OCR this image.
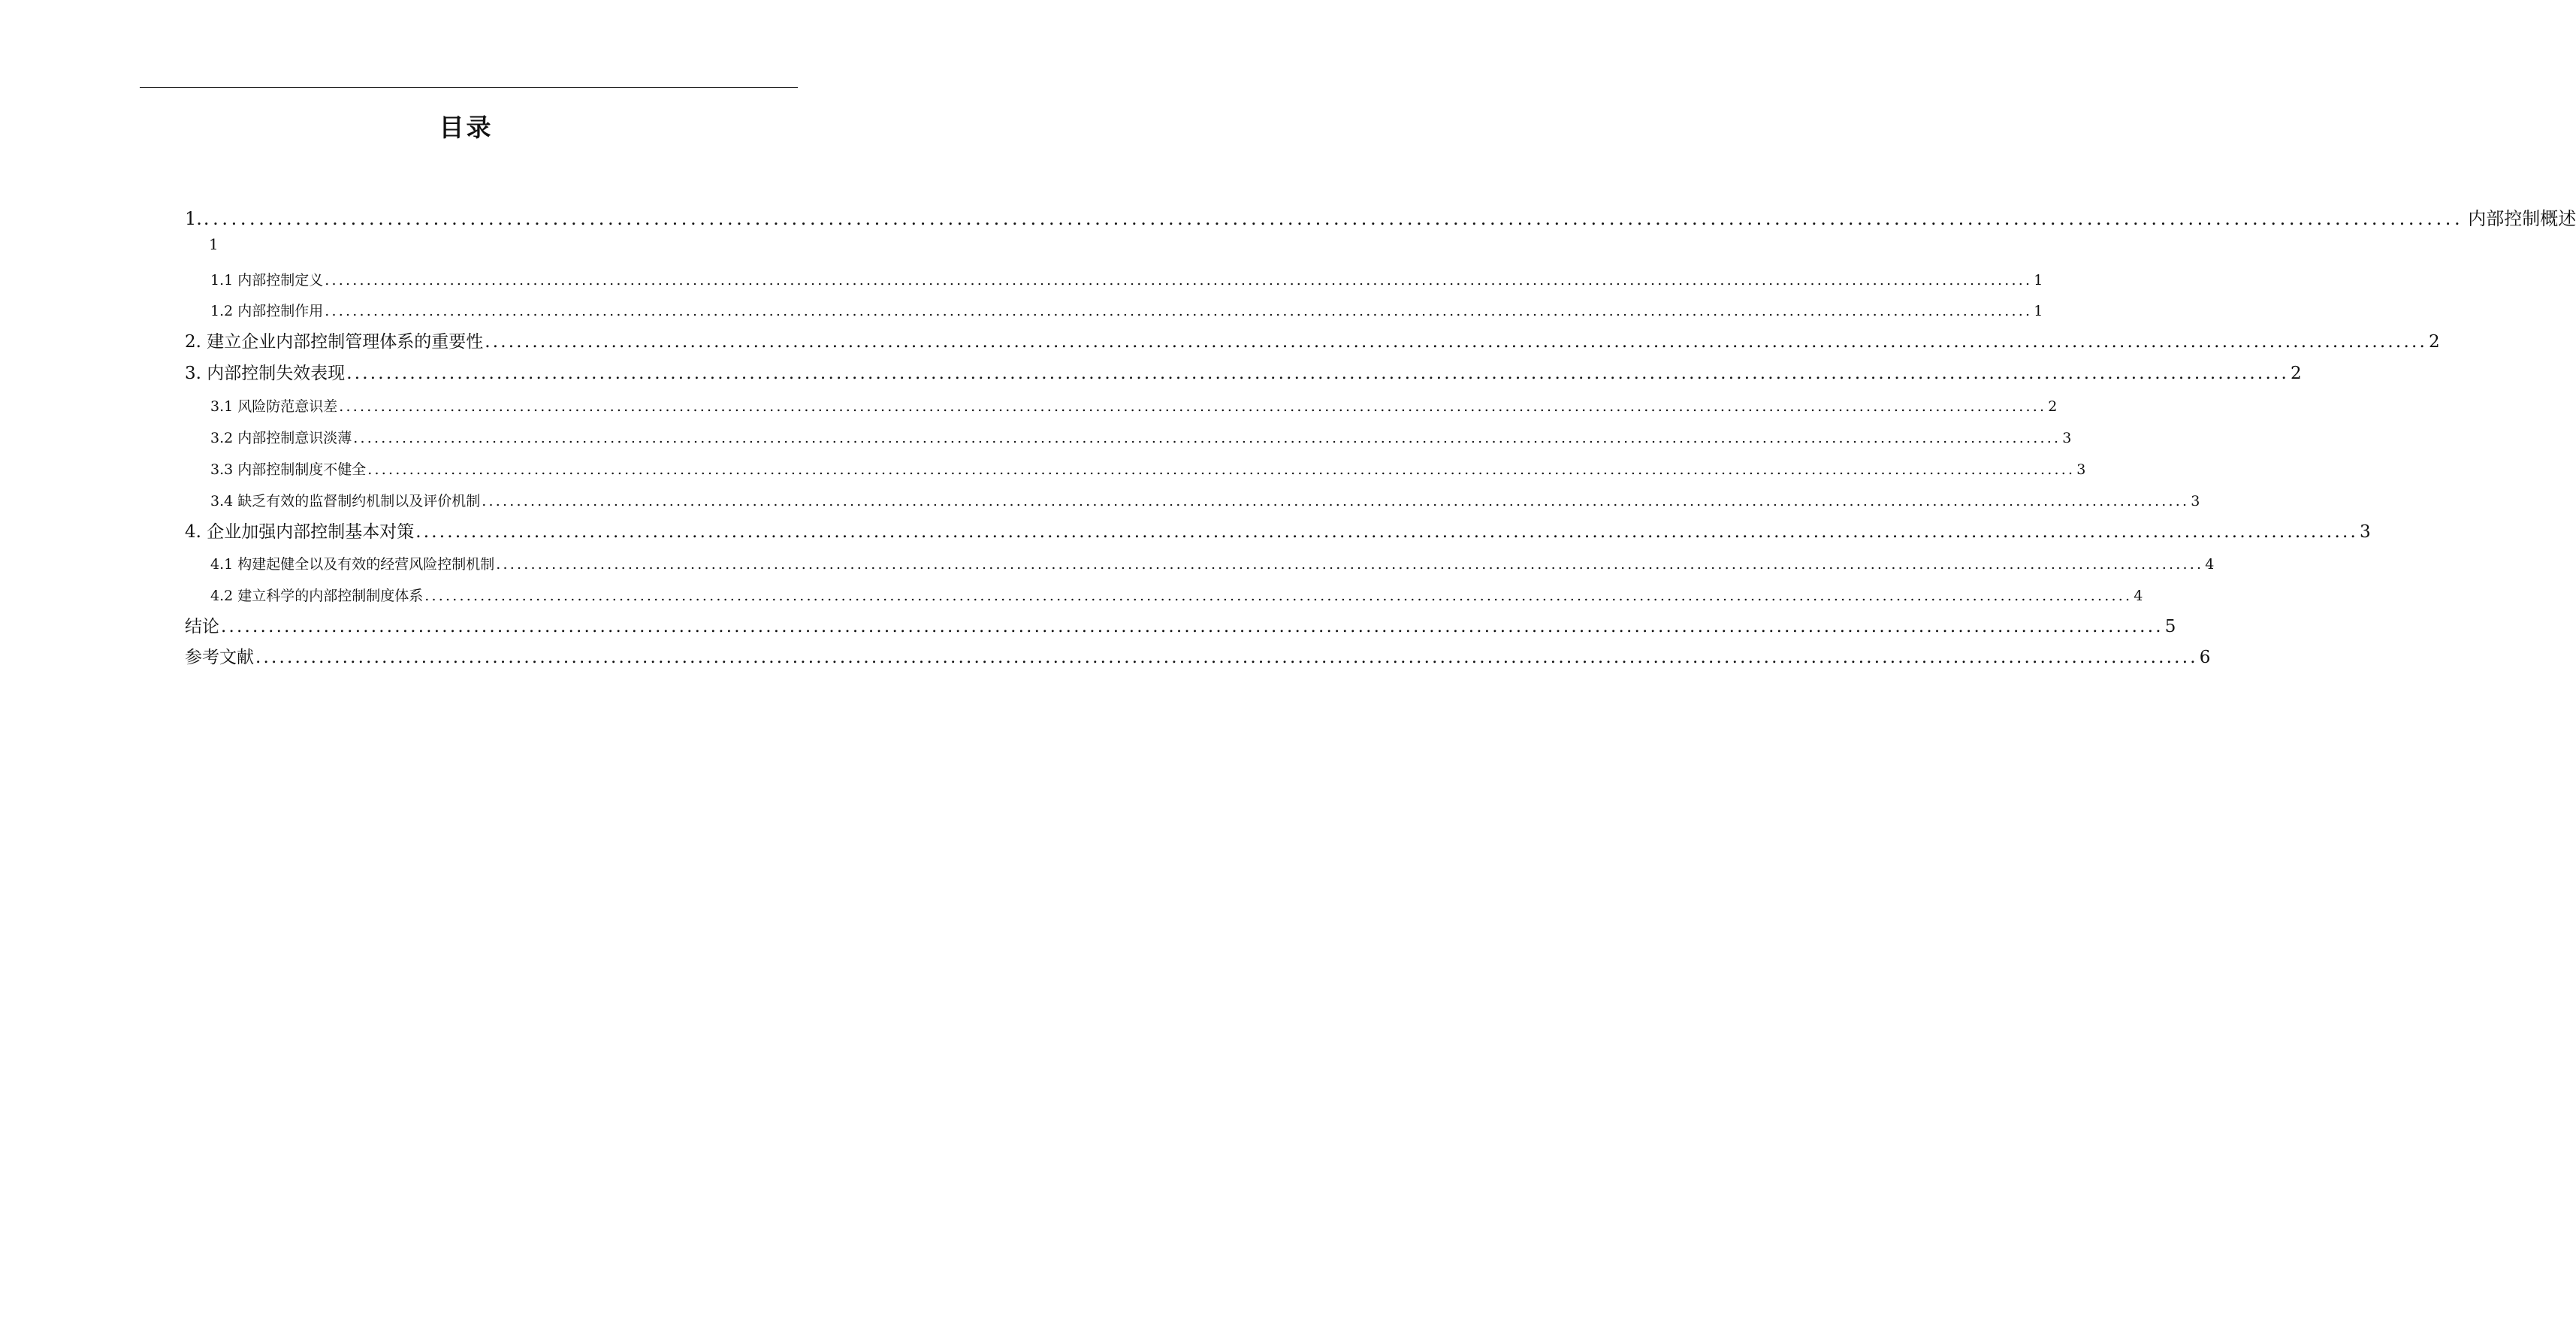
目录
1. ...................................................................................................................................................................................................................................................... 内部控制概述
1
1.1 内部控制定义 ...................................................................................................................................................................................................................................................... 1
1.2 内部控制作用 ...................................................................................................................................................................................................................................................... 1
2. 建立企业内部控制管理体系的重要性 ...................................................................................................................................................................................................................................................... 2
3. 内部控制失效表现 ...................................................................................................................................................................................................................................................... 2
3.1 风险防范意识差 ...................................................................................................................................................................................................................................................... 2
3.2 内部控制意识淡薄 ...................................................................................................................................................................................................................................................... 3
3.3 内部控制制度不健全 ...................................................................................................................................................................................................................................................... 3
3.4 缺乏有效的监督制约机制以及评价机制 ...................................................................................................................................................................................................................................................... 3
4. 企业加强内部控制基本对策 ...................................................................................................................................................................................................................................................... 3
4.1 构建起健全以及有效的经营风险控制机制 ...................................................................................................................................................................................................................................................... 4
4.2 建立科学的内部控制制度体系 ...................................................................................................................................................................................................................................................... 4
结论 ...................................................................................................................................................................................................................................................... 5
参考文献 ...................................................................................................................................................................................................................................................... 6
